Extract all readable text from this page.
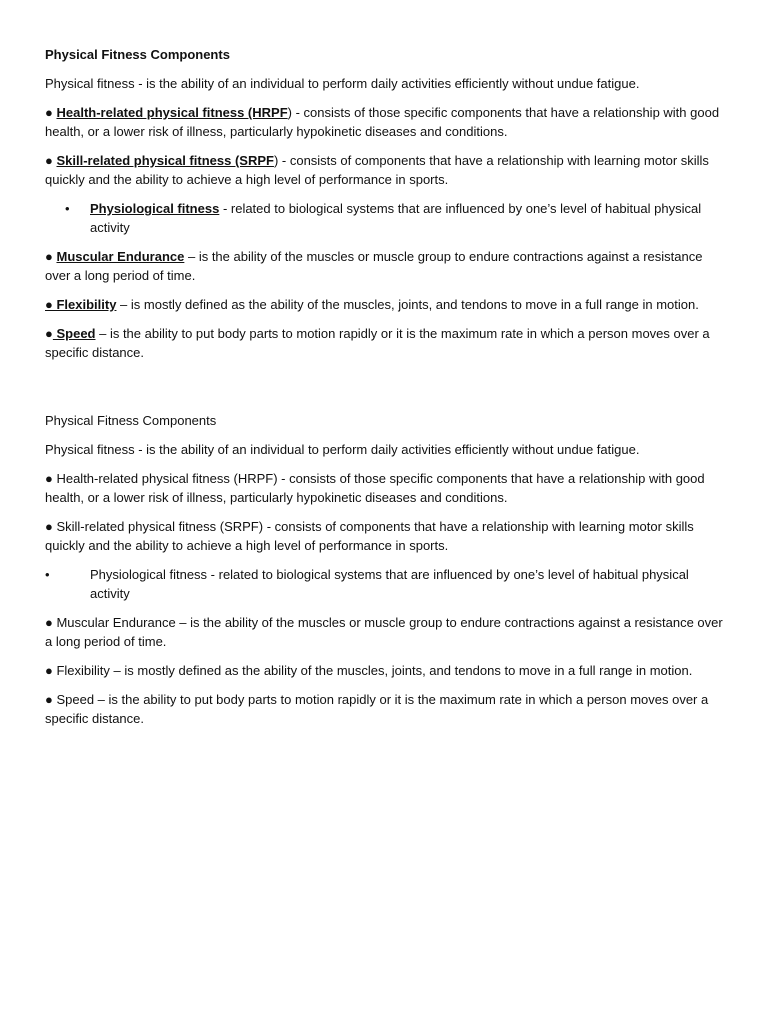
Physical Fitness Components

Physical fitness - is the ability of an individual to perform daily activities efficiently without undue fatigue.

● Health-related physical fitness (HRPF) - consists of those specific components that have a relationship with good health, or a lower risk of illness, particularly hypokinetic diseases and conditions.

● Skill-related physical fitness (SRPF) - consists of components that have a relationship with learning motor skills quickly and the ability to achieve a high level of performance in sports.

• Physiological fitness - related to biological systems that are influenced by one’s level of habitual physical activity

● Muscular Endurance – is the ability of the muscles or muscle group to endure contractions against a resistance over a long period of time.

● Flexibility – is mostly defined as the ability of the muscles, joints, and tendons to move in a full range in motion.

● Speed – is the ability to put body parts to motion rapidly or it is the maximum rate in which a person moves over a specific distance.

Physical Fitness Components

Physical fitness - is the ability of an individual to perform daily activities efficiently without undue fatigue.

● Health-related physical fitness (HRPF) - consists of those specific components that have a relationship with good health, or a lower risk of illness, particularly hypokinetic diseases and conditions.

● Skill-related physical fitness (SRPF) - consists of components that have a relationship with learning motor skills quickly and the ability to achieve a high level of performance in sports.

•	Physiological fitness - related to biological systems that are influenced by one’s level of habitual physical activity

● Muscular Endurance – is the ability of the muscles or muscle group to endure contractions against a resistance over a long period of time.

● Flexibility – is mostly defined as the ability of the muscles, joints, and tendons to move in a full range in motion.

● Speed – is the ability to put body parts to motion rapidly or it is the maximum rate in which a person moves over a specific distance.
